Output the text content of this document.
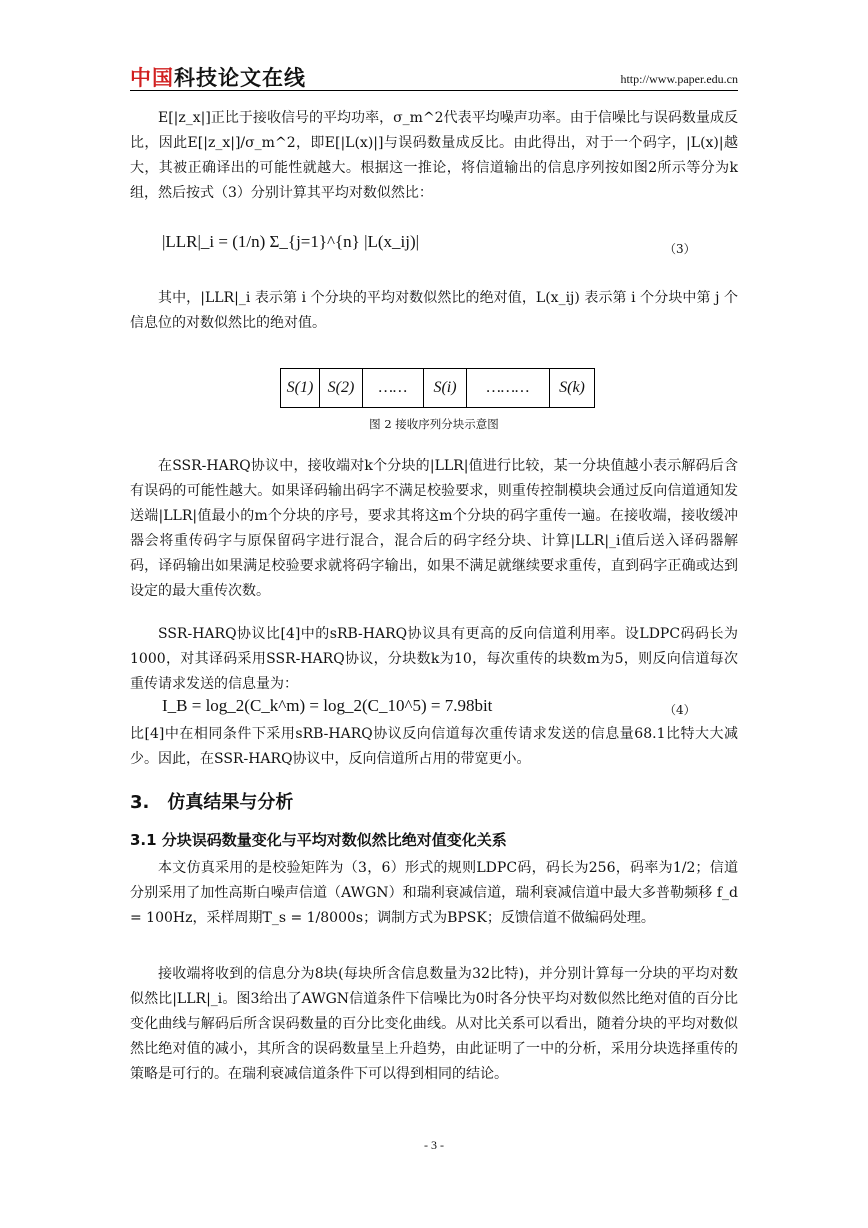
中国科技论文在线	http://www.paper.edu.cn
E[|z_x|]正比于接收信号的平均功率，σ_m^2代表平均噪声功率。由于信噪比与误码数量成反比，因此E[|z_x|]/σ_m^2，即E[|L(x)|]与误码数量成反比。由此得出，对于一个码字，|L(x)|越大，其被正确译出的可能性就越大。根据这一推论，将信道输出的信息序列按如图2所示等分为k组，然后按式（3）分别计算其平均对数似然比：
|LLR|_i = (1/n) Σ_{j=1}^{n} |L(x_ij)|	（3）
其中，|LLR|_i 表示第 i 个分块的平均对数似然比的绝对值，L(x_ij) 表示第 i 个分块中第 j 个信息位的对数似然比的绝对值。
S(1) S(2)	……	S(i)	………	S(k)
图 2 接收序列分块示意图
在SSR-HARQ协议中，接收端对k个分块的|LLR|值进行比较，某一分块值越小表示解码后含有误码的可能性越大。如果译码输出码字不满足校验要求，则重传控制模块会通过反向信道通知发送端|LLR|值最小的m个分块的序号，要求其将这m个分块的码字重传一遍。在接收端，接收缓冲器会将重传码字与原保留码字进行混合，混合后的码字经分块、计算|LLR|_i值后送入译码器解码，译码输出如果满足校验要求就将码字输出，如果不满足就继续要求重传，直到码字正确或达到设定的最大重传次数。
SSR-HARQ协议比[4]中的sRB-HARQ协议具有更高的反向信道利用率。设LDPC码码长为1000，对其译码采用SSR-HARQ协议，分块数k为10，每次重传的块数m为5，则反向信道每次重传请求发送的信息量为：
I_B = log_2(C_k^m) = log_2(C_10^5) = 7.98bit	（4）
比[4]中在相同条件下采用sRB-HARQ协议反向信道每次重传请求发送的信息量68.1比特大大减少。因此，在SSR-HARQ协议中，反向信道所占用的带宽更小。
3.　仿真结果与分析
3.1 分块误码数量变化与平均对数似然比绝对值变化关系
本文仿真采用的是校验矩阵为（3，6）形式的规则LDPC码，码长为256，码率为1/2；信道分别采用了加性高斯白噪声信道（AWGN）和瑞利衰减信道，瑞利衰减信道中最大多普勒频移 f_d = 100Hz，采样周期T_s = 1/8000s；调制方式为BPSK；反馈信道不做编码处理。
接收端将收到的信息分为8块(每块所含信息数量为32比特)，并分别计算每一分块的平均对数似然比|LLR|_i。图3给出了AWGN信道条件下信噪比为0时各分快平均对数似然比绝对值的百分比变化曲线与解码后所含误码数量的百分比变化曲线。从对比关系可以看出，随着分块的平均对数似然比绝对值的减小，其所含的误码数量呈上升趋势，由此证明了一中的分析，采用分块选择重传的策略是可行的。在瑞利衰减信道条件下可以得到相同的结论。
- 3 -
